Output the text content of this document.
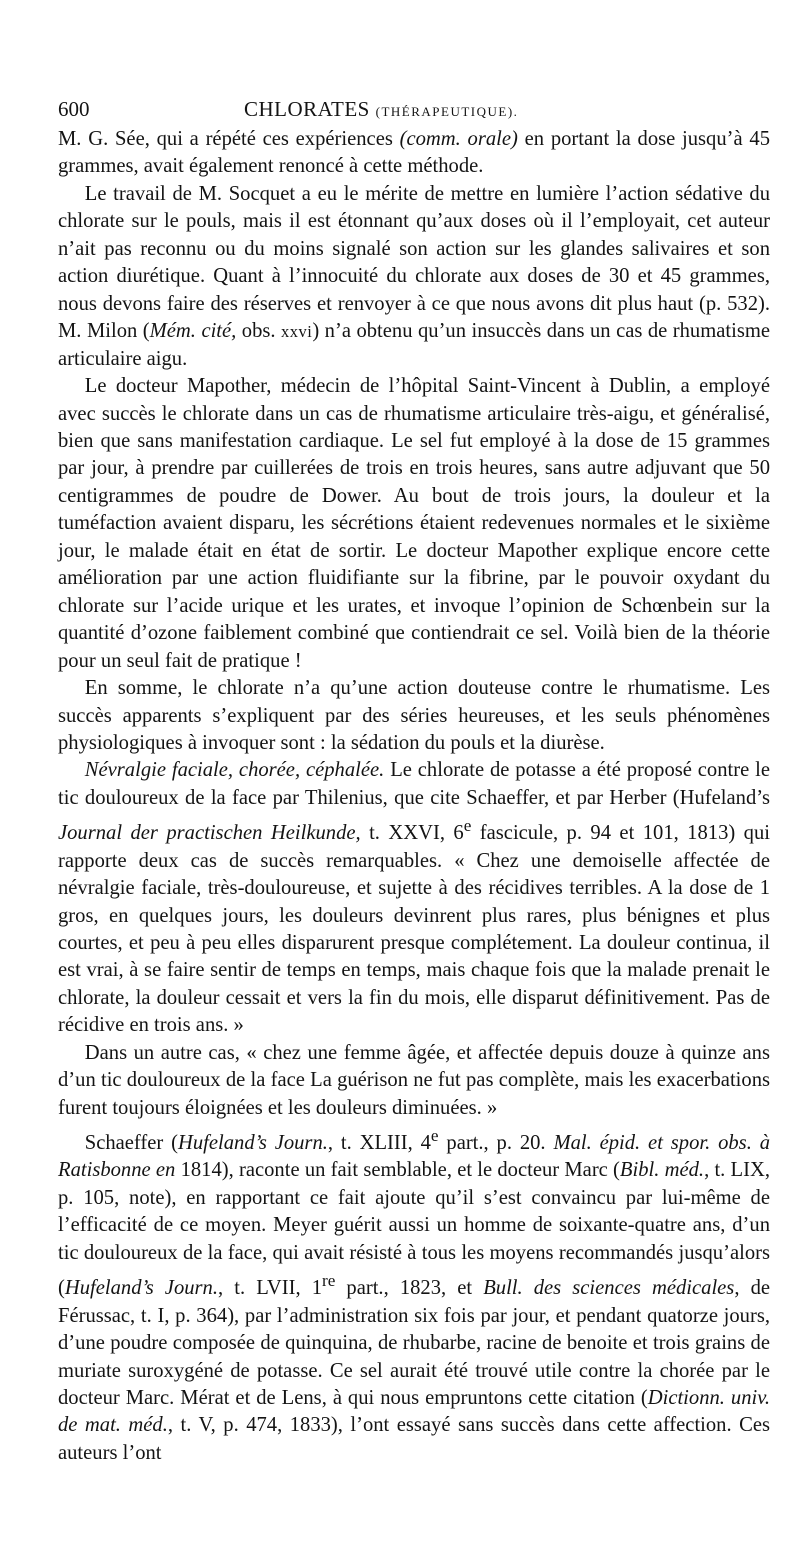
600	CHLORATES (THÉRAPEUTIQUE).

M. G. Sée, qui a répété ces expériences (comm. orale) en portant la dose jusqu’à 45 grammes, avait également renoncé à cette méthode.

Le travail de M. Socquet a eu le mérite de mettre en lumière l’action sédative du chlorate sur le pouls, mais il est étonnant qu’aux doses où il l’employait, cet auteur n’ait pas reconnu ou du moins signalé son action sur les glandes salivaires et son action diurétique. Quant à l’innocuité du chlorate aux doses de 30 et 45 grammes, nous devons faire des réserves et renvoyer à ce que nous avons dit plus haut (p. 532). M. Milon (Mém. cité, obs. xxvi) n’a obtenu qu’un insuccès dans un cas de rhumatisme articulaire aigu.

Le docteur Mapother, médecin de l’hôpital Saint-Vincent à Dublin, a employé avec succès le chlorate dans un cas de rhumatisme articulaire très-aigu, et généralisé, bien que sans manifestation cardiaque. Le sel fut employé à la dose de 15 grammes par jour, à prendre par cuillerées de trois en trois heures, sans autre adjuvant que 50 centigrammes de poudre de Dower. Au bout de trois jours, la douleur et la tuméfaction avaient disparu, les sécrétions étaient redevenues normales et le sixième jour, le malade était en état de sortir. Le docteur Mapother explique encore cette amélioration par une action fluidifiante sur la fibrine, par le pouvoir oxydant du chlorate sur l’acide urique et les urates, et invoque l’opinion de Schœnbein sur la quantité d’ozone faiblement combiné que contiendrait ce sel. Voilà bien de la théorie pour un seul fait de pratique !

En somme, le chlorate n’a qu’une action douteuse contre le rhumatisme. Les succès apparents s’expliquent par des séries heureuses, et les seuls phénomènes physiologiques à invoquer sont : la sédation du pouls et la diurèse.

Névralgie faciale, chorée, céphalée. Le chlorate de potasse a été proposé contre le tic douloureux de la face par Thilenius, que cite Schaeffer, et par Herber (Hufeland’s Journal der practischen Heilkunde, t. XXVI, 6e fascicule, p. 94 et 101, 1813) qui rapporte deux cas de succès remarquables. « Chez une demoiselle affectée de névralgie faciale, très-douloureuse, et sujette à des récidives terribles. A la dose de 1 gros, en quelques jours, les douleurs devinrent plus rares, plus bénignes et plus courtes, et peu à peu elles disparurent presque complétement. La douleur continua, il est vrai, à se faire sentir de temps en temps, mais chaque fois que la malade prenait le chlorate, la douleur cessait et vers la fin du mois, elle disparut définitivement. Pas de récidive en trois ans. »

Dans un autre cas, « chez une femme âgée, et affectée depuis douze à quinze ans d’un tic douloureux de la face La guérison ne fut pas complète, mais les exacerbations furent toujours éloignées et les douleurs diminuées. »

Schaeffer (Hufeland’s Journ., t. XLIII, 4e part., p. 20. Mal. épid. et spor. obs. à Ratisbonne en 1814), raconte un fait semblable, et le docteur Marc (Bibl. méd., t. LIX, p. 105, note), en rapportant ce fait ajoute qu’il s’est convaincu par lui-même de l’efficacité de ce moyen. Meyer guérit aussi un homme de soixante-quatre ans, d’un tic douloureux de la face, qui avait résisté à tous les moyens recommandés jusqu’alors (Hufeland’s Journ., t. LVII, 1re part., 1823, et Bull. des sciences médicales, de Férussac, t. I, p. 364), par l’administration six fois par jour, et pendant quatorze jours, d’une poudre composée de quinquina, de rhubarbe, racine de benoite et trois grains de muriate suroxygéné de potasse. Ce sel aurait été trouvé utile contre la chorée par le docteur Marc. Mérat et de Lens, à qui nous empruntons cette citation (Dictionn. univ. de mat. méd., t. V, p. 474, 1833), l’ont essayé sans succès dans cette affection. Ces auteurs l’ont
